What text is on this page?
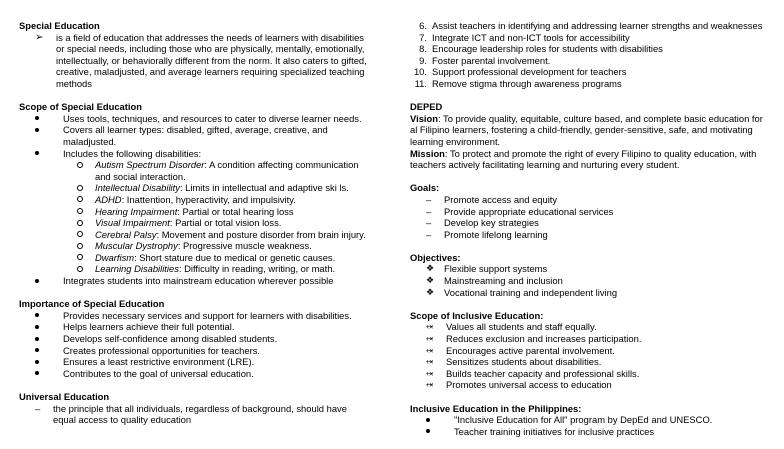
Special Education
➢	is a field of education that addresses the needs of learners with disabilities or special needs, including those who are physically, mentally, emotionally, intellectually, or behaviorally different from the norm. It also caters to gifted, creative, maladjusted, and average learners requiring specialized teaching methods
Scope of Special Education
Uses tools, techniques, and resources to cater to diverse learner needs.
Covers all learner types: disabled, gifted, average, creative, and maladjusted.
Includes the following disabilities:
Autism Spectrum Disorder: A condition affecting communication and social interaction.
Intellectual Disability: Limits in intellectual and adaptive ski ls.
ADHD: Inattention, hyperactivity, and impulsivity.
Hearing Impairment: Partial or total hearing loss
Visual Impairment: Partial or total vision loss.
Cerebral Palsy: Movement and posture disorder from brain injury.
Muscular Dystrophy: Progressive muscle weakness.
Dwarfism: Short stature due to medical or genetic causes.
Learning Disabilities: Difficulty in reading, writing, or math.
Integrates students into mainstream education wherever possible
Importance of Special Education
Provides necessary services and support for learners with disabilities.
Helps learners achieve their full potential.
Develops self-confidence among disabled students.
Creates professional opportunities for teachers.
Ensures a least restrictive environment (LRE).
Contributes to the goal of universal education.
Universal Education
–	the principle that all individuals, regardless of background, should have equal access to quality education
6. Assist teachers in identifying and addressing learner strengths and weaknesses
7. Integrate ICT and non-ICT tools for accessibility
8. Encourage leadership roles for students with disabilities
9. Foster parental involvement.
10. Support professional development for teachers
11. Remove stigma through awareness programs
DEPED
Vision: To provide quality, equitable, culture based, and complete basic education for al Filipino learners, fostering a child-friendly, gender-sensitive, safe, and motivating learning environment.
Mission: To protect and promote the right of every Filipino to quality education, with teachers actively facilitating learning and nurturing every student.
Goals:
–	Promote access and equity
–	Provide appropriate educational services
–	Develop key strategies
–	Promote lifelong learning
Objectives:
❖	Flexible support systems
❖	Mainstreaming and inclusion
❖	Vocational training and independent living
Scope of Inclusive Education:
⬾	Values all students and staff equally.
⬾	Reduces exclusion and increases participation.
⬾	Encourages active parental involvement.
⬾	Sensitizes students about disabilities.
⬾	Builds teacher capacity and professional skills.
⬾	Promotes universal access to education
Inclusive Education in the Philippines:
"Inclusive Education for All" program by DepEd and UNESCO.
Teacher training initiatives for inclusive practices
